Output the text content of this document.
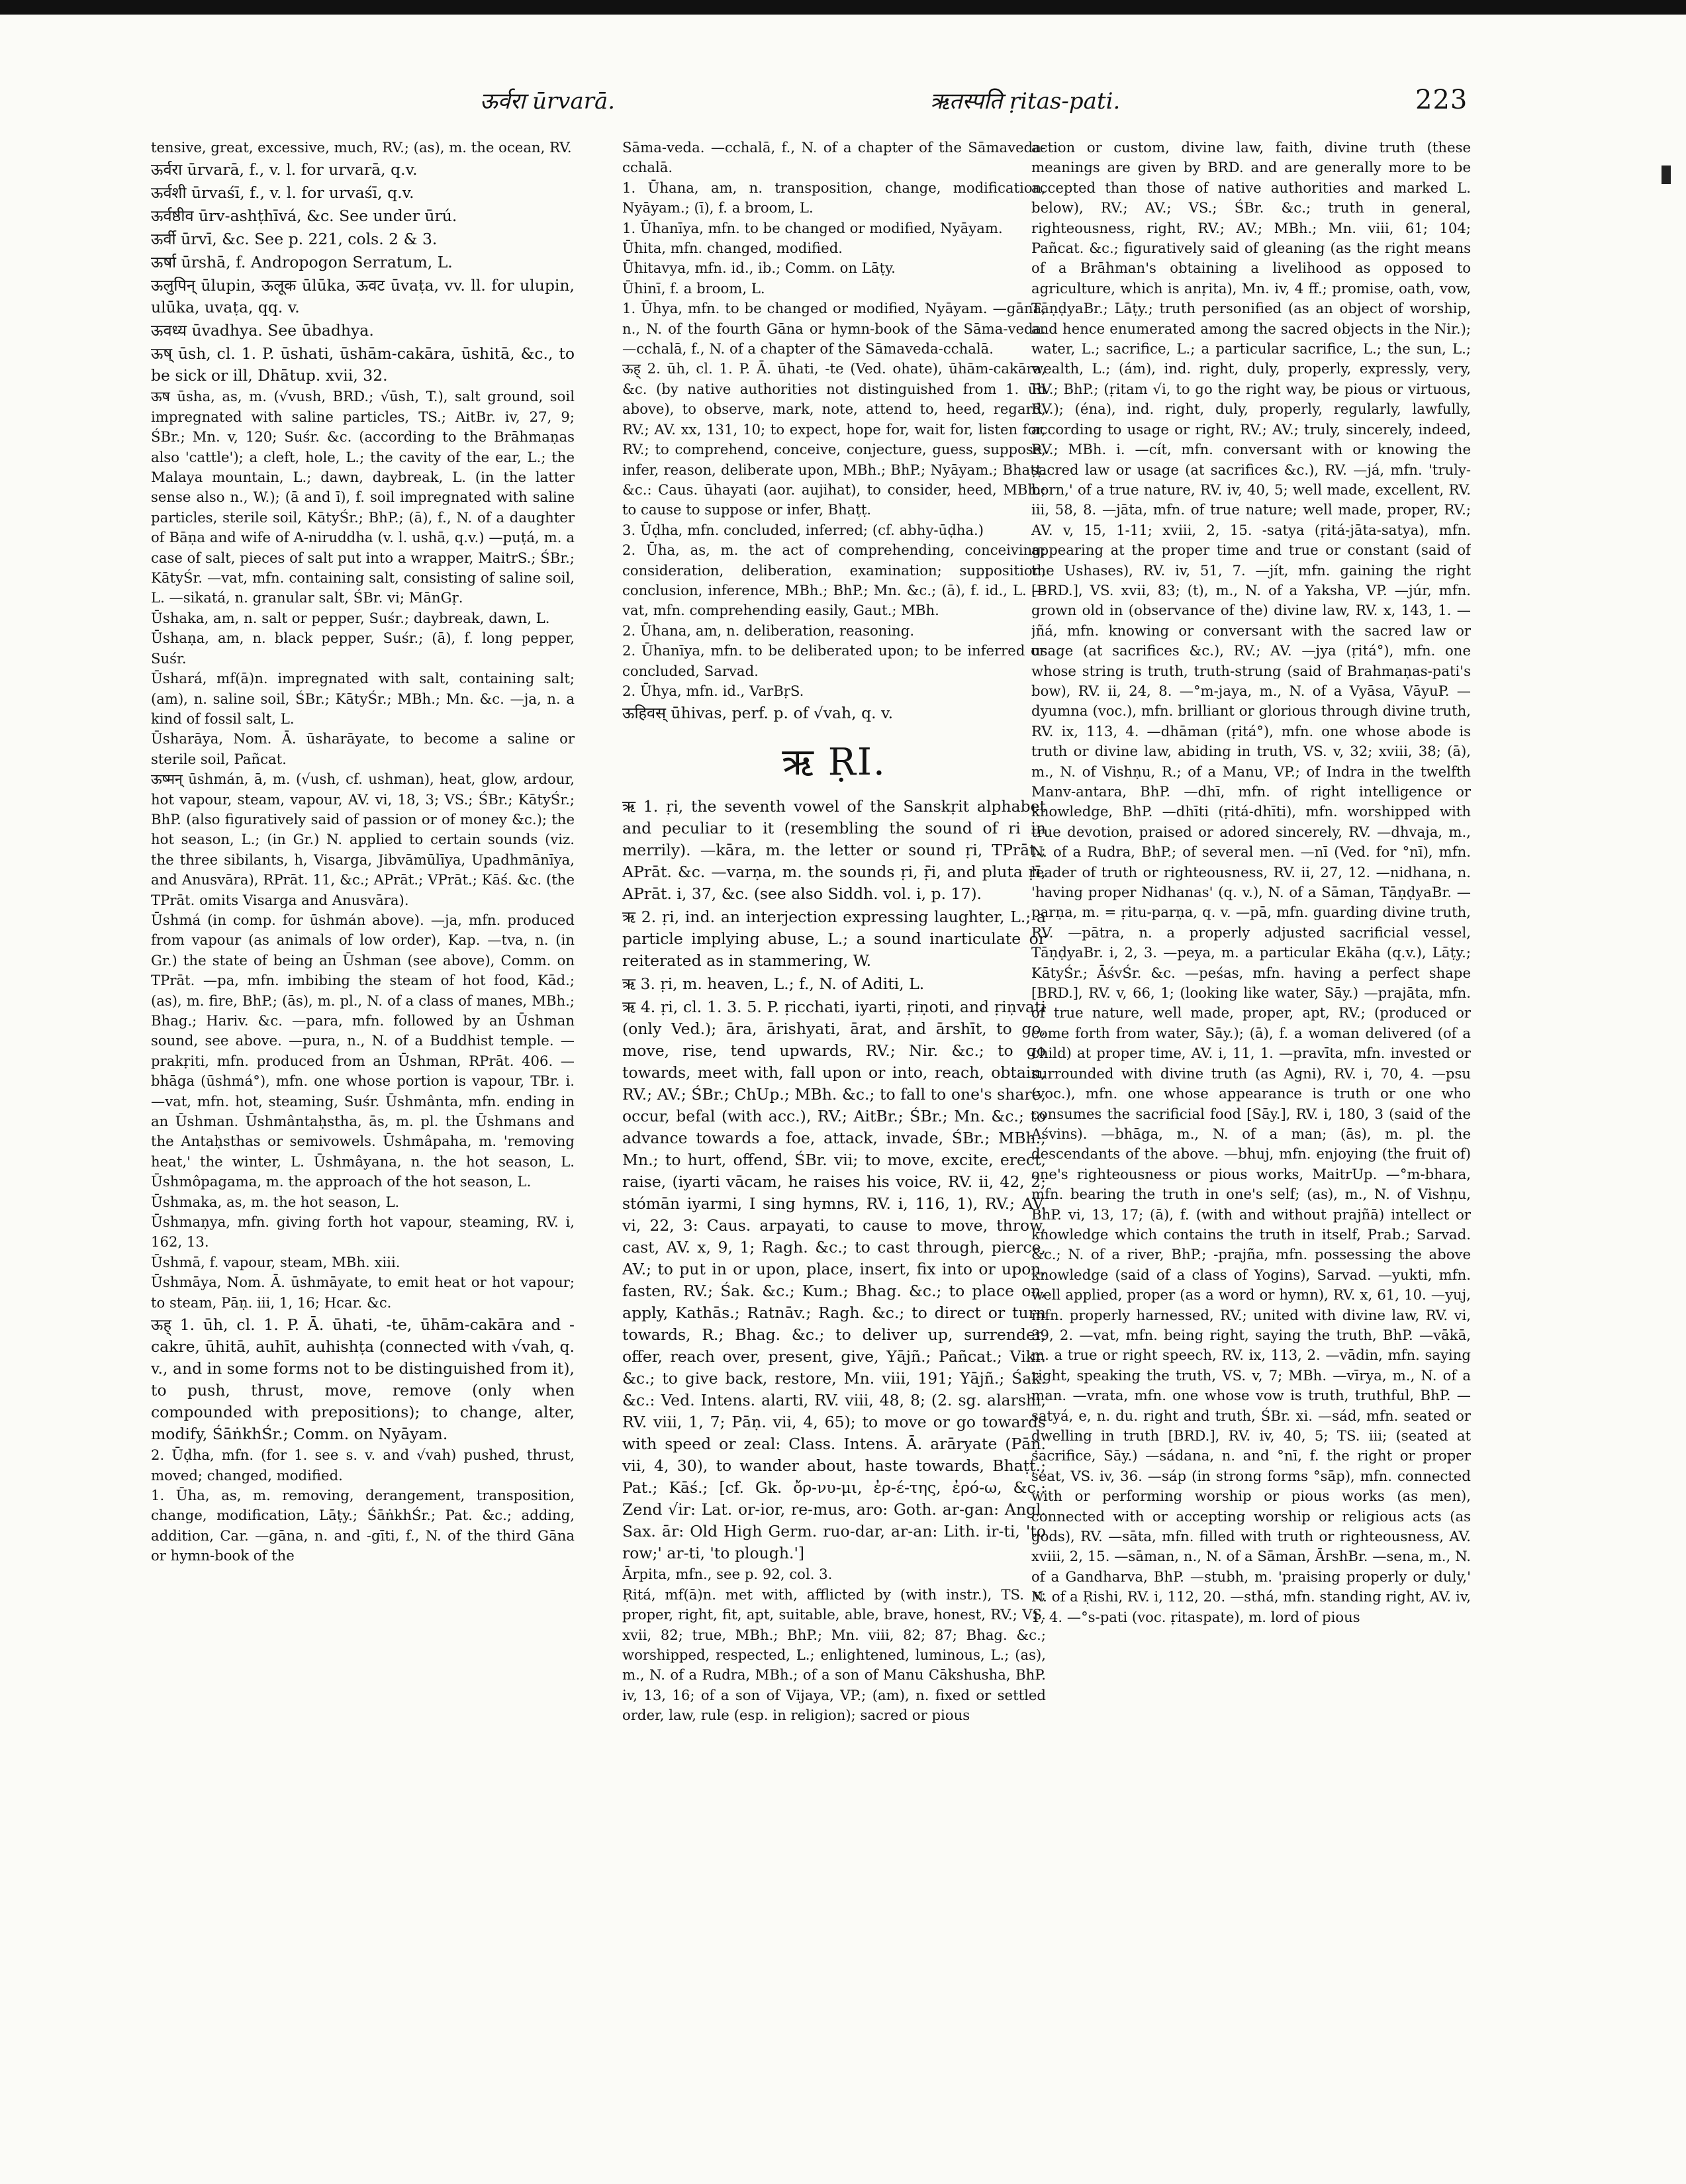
ऊर्वरा ūrvarā.	ऋतस्पति ṛitas-pati.	223

tensive, great, excessive, much, RV.; (as), m. the ocean, RV.

ऊर्वरा ūrvarā, f., v. l. for urvarā, q.v.

ऊर्वशी ūrvaśī, f., v. l. for urvaśī, q.v.

ऊर्वष्ठीव ūrv-ashṭhīvá, &c. See under ūrú.

ऊर्वी ūrvī, &c. See p. 221, cols. 2 & 3.

ऊर्षा ūrshā, f. Andropogon Serratum, L.

ऊलुपिन् ūlupin, ऊलूक ūlūka, ऊवट ūvaṭa, vv. ll. for ulupin, ulūka, uvaṭa, qq. v.

ऊवध्य ūvadhya. See ūbadhya.

ऊष् ūsh, cl. 1. P. ūshati, ūshām-cakāra, ūshitā, &c., to be sick or ill, Dhātup. xvii, 32.

ऊष ūsha, as, m. (√vush, BRD.; √ūsh, T.), salt ground, soil impregnated with saline particles, TS.; AitBr. iv, 27, 9; ŚBr.; Mn. v, 120; Suśr. &c. (according to the Brāhmaṇas also 'cattle'); a cleft, hole, L.; the cavity of the ear, L.; the Malaya mountain, L.; dawn, daybreak, L. (in the latter sense also n., W.); (ā and ī), f. soil impregnated with saline particles, sterile soil, KātyŚr.; BhP.; (ā), f., N. of a daughter of Bāṇa and wife of A-niruddha (v. l. ushā, q.v.) —puṭá, m. a case of salt, pieces of salt put into a wrapper, MaitrS.; ŚBr.; KātyŚr. —vat, mfn. containing salt, consisting of saline soil, L. —sikatá, n. granular salt, ŚBr. vi; MānGṛ.

Ūshaka, am, n. salt or pepper, Suśr.; daybreak, dawn, L.

Ūshaṇa, am, n. black pepper, Suśr.; (ā), f. long pepper, Suśr.

Ūshará, mf(ā)n. impregnated with salt, containing salt; (am), n. saline soil, ŚBr.; KātyŚr.; MBh.; Mn. &c. —ja, n. a kind of fossil salt, L.

Ūsharāya, Nom. Ā. ūsharāyate, to become a saline or sterile soil, Pañcat.

ऊष्मन् ūshmán, ā, m. (√ush, cf. ushman), heat, glow, ardour, hot vapour, steam, vapour, AV. vi, 18, 3; VS.; ŚBr.; KātyŚr.; BhP. (also figuratively said of passion or of money &c.); the hot season, L.; (in Gr.) N. applied to certain sounds (viz. the three sibilants, h, Visarga, Jibvāmūlīya, Upadhmānīya, and Anusvāra), RPrāt. 11, &c.; APrāt.; VPrāt.; Kāś. &c. (the TPrāt. omits Visarga and Anusvāra).

Ūshmá (in comp. for ūshmán above). —ja, mfn. produced from vapour (as animals of low order), Kap. —tva, n. (in Gr.) the state of being an Ūshman (see above), Comm. on TPrāt. —pa, mfn. imbibing the steam of hot food, Kād.; (as), m. fire, BhP.; (ās), m. pl., N. of a class of manes, MBh.; Bhag.; Hariv. &c. —para, mfn. followed by an Ūshman sound, see above. —pura, n., N. of a Buddhist temple. —prakṛiti, mfn. produced from an Ūshman, RPrāt. 406. —bhāga (ūshmá°), mfn. one whose portion is vapour, TBr. i. —vat, mfn. hot, steaming, Suśr. Ūshmânta, mfn. ending in an Ūshman. Ūshmântaḥstha, ās, m. pl. the Ūshmans and the Antaḥsthas or semivowels. Ūshmâpaha, m. 'removing heat,' the winter, L. Ūshmâyana, n. the hot season, L. Ūshmôpagama, m. the approach of the hot season, L.

Ūshmaka, as, m. the hot season, L.

Ūshmaṇya, mfn. giving forth hot vapour, steaming, RV. i, 162, 13.

Ūshmā, f. vapour, steam, MBh. xiii.

Ūshmāya, Nom. Ā. ūshmāyate, to emit heat or hot vapour; to steam, Pāṇ. iii, 1, 16; Hcar. &c.

ऊह् 1. ūh, cl. 1. P. Ā. ūhati, -te, ūhām-cakāra and -cakre, ūhitā, auhīt, auhishṭa (connected with √vah, q. v., and in some forms not to be distinguished from it), to push, thrust, move, remove (only when compounded with prepositions); to change, alter, modify, ŚāṅkhŚr.; Comm. on Nyāyam.

2. Ūḍha, mfn. (for 1. see s. v. and √vah) pushed, thrust, moved; changed, modified.

1. Ūha, as, m. removing, derangement, transposition, change, modification, Lāṭy.; ŚāṅkhŚr.; Pat. &c.; adding, addition, Car. —gāna, n. and -gīti, f., N. of the third Gāna or hymn-book of the

Sāma-veda. —cchalā, f., N. of a chapter of the Sāmaveda-cchalā.

1. Ūhana, am, n. transposition, change, modification, Nyāyam.; (ī), f. a broom, L.

1. Ūhanīya, mfn. to be changed or modified, Nyāyam.

Ūhita, mfn. changed, modified.

Ūhitavya, mfn. id., ib.; Comm. on Lāṭy.

Ūhinī, f. a broom, L.

1. Ūhya, mfn. to be changed or modified, Nyāyam. —gāna, n., N. of the fourth Gāna or hymn-book of the Sāma-veda. —cchalā, f., N. of a chapter of the Sāmaveda-cchalā.

ऊह् 2. ūh, cl. 1. P. Ā. ūhati, -te (Ved. ohate), ūhām-cakāra, &c. (by native authorities not distinguished from 1. ūh above), to observe, mark, note, attend to, heed, regard, RV.; AV. xx, 131, 10; to expect, hope for, wait for, listen for, RV.; to comprehend, conceive, conjecture, guess, suppose, infer, reason, deliberate upon, MBh.; BhP.; Nyāyam.; Bhaṭṭ. &c.: Caus. ūhayati (aor. aujihat), to consider, heed, MBh.; to cause to suppose or infer, Bhaṭṭ.

3. Ūḍha, mfn. concluded, inferred; (cf. abhy-ūḍha.)

2. Ūha, as, m. the act of comprehending, conceiving; consideration, deliberation, examination; supposition, conclusion, inference, MBh.; BhP.; Mn. &c.; (ā), f. id., L. —vat, mfn. comprehending easily, Gaut.; MBh.

2. Ūhana, am, n. deliberation, reasoning.

2. Ūhanīya, mfn. to be deliberated upon; to be inferred or concluded, Sarvad.

2. Ūhya, mfn. id., VarBṛS.

ऊहिवस् ūhivas, perf. p. of √vah, q. v.

ऋ ṚI.

ऋ 1. ṛi, the seventh vowel of the Sanskṛit alphabet and peculiar to it (resembling the sound of ri in merrily). —kāra, m. the letter or sound ṛi, TPrāt.; APrāt. &c. —varṇa, m. the sounds ṛi, ṝi, and pluta ṛī, APrāt. i, 37, &c. (see also Siddh. vol. i, p. 17).

ऋ 2. ṛi, ind. an interjection expressing laughter, L.; a particle implying abuse, L.; a sound inarticulate or reiterated as in stammering, W.

ऋ 3. ṛi, m. heaven, L.; f., N. of Aditi, L.

ऋ 4. ṛi, cl. 1. 3. 5. P. ṛicchati, iyarti, ṛiṇoti, and ṛiṇvati (only Ved.); āra, ārishyati, ārat, and ārshīt, to go, move, rise, tend upwards, RV.; Nir. &c.; to go towards, meet with, fall upon or into, reach, obtain, RV.; AV.; ŚBr.; ChUp.; MBh. &c.; to fall to one's share, occur, befal (with acc.), RV.; AitBr.; ŚBr.; Mn. &c.; to advance towards a foe, attack, invade, ŚBr.; MBh.; Mn.; to hurt, offend, ŚBr. vii; to move, excite, erect, raise, (iyarti vācam, he raises his voice, RV. ii, 42, 2; stómān iyarmi, I sing hymns, RV. i, 116, 1), RV.; AV. vi, 22, 3: Caus. arpayati, to cause to move, throw, cast, AV. x, 9, 1; Ragh. &c.; to cast through, pierce, AV.; to put in or upon, place, insert, fix into or upon, fasten, RV.; Śak. &c.; Kum.; Bhag. &c.; to place on, apply, Kathās.; Ratnāv.; Ragh. &c.; to direct or turn towards, R.; Bhag. &c.; to deliver up, surrender, offer, reach over, present, give, Yājñ.; Pañcat.; Vikr. &c.; to give back, restore, Mn. viii, 191; Yājñ.; Śak. &c.: Ved. Intens. alarti, RV. viii, 48, 8; (2. sg. alarshi, RV. viii, 1, 7; Pāṇ. vii, 4, 65); to move or go towards with speed or zeal: Class. Intens. Ā. arāryate (Pāṇ. vii, 4, 30), to wander about, haste towards, Bhaṭṭ.; Pat.; Kāś.; [cf. Gk. ὄρ-νυ-μι, ἐρ-έ-της, ἐρό-ω, &c.: Zend √ir: Lat. or-ior, re-mus, aro: Goth. ar-gan: Angl. Sax. ār: Old High Germ. ruo-dar, ar-an: Lith. ir-ti, 'to row;' ar-ti, 'to plough.']

Ārpita, mfn., see p. 92, col. 3.

Ṛitá, mf(ā)n. met with, afflicted by (with instr.), TS. v; proper, right, fit, apt, suitable, able, brave, honest, RV.; VS. xvii, 82; true, MBh.; BhP.; Mn. viii, 82; 87; Bhag. &c.; worshipped, respected, L.; enlightened, luminous, L.; (as), m., N. of a Rudra, MBh.; of a son of Manu Cākshusha, BhP. iv, 13, 16; of a son of Vijaya, VP.; (am), n. fixed or settled order, law, rule (esp. in religion); sacred or pious

action or custom, divine law, faith, divine truth (these meanings are given by BRD. and are generally more to be accepted than those of native authorities and marked L. below), RV.; AV.; VS.; ŚBr. &c.; truth in general, righteousness, right, RV.; AV.; MBh.; Mn. viii, 61; 104; Pañcat. &c.; figuratively said of gleaning (as the right means of a Brāhman's obtaining a livelihood as opposed to agriculture, which is anṛita), Mn. iv, 4 ff.; promise, oath, vow, TāṇḍyaBr.; Lāṭy.; truth personified (as an object of worship, and hence enumerated among the sacred objects in the Nir.); water, L.; sacrifice, L.; a particular sacrifice, L.; the sun, L.; wealth, L.; (ám), ind. right, duly, properly, expressly, very, RV.; BhP.; (ṛitam √i, to go the right way, be pious or virtuous, RV.); (éna), ind. right, duly, properly, regularly, lawfully, according to usage or right, RV.; AV.; truly, sincerely, indeed, RV.; MBh. i. —cít, mfn. conversant with or knowing the sacred law or usage (at sacrifices &c.), RV. —já, mfn. 'truly-born,' of a true nature, RV. iv, 40, 5; well made, excellent, RV. iii, 58, 8. —jāta, mfn. of true nature; well made, proper, RV.; AV. v, 15, 1-11; xviii, 2, 15. -satya (ṛitá-jāta-satya), mfn. appearing at the proper time and true or constant (said of the Ushases), RV. iv, 51, 7. —jít, mfn. gaining the right [BRD.], VS. xvii, 83; (t), m., N. of a Yaksha, VP. —júr, mfn. grown old in (observance of the) divine law, RV. x, 143, 1. —jñá, mfn. knowing or conversant with the sacred law or usage (at sacrifices &c.), RV.; AV. —jya (ṛitá°), mfn. one whose string is truth, truth-strung (said of Brahmaṇas-pati's bow), RV. ii, 24, 8. —°m-jaya, m., N. of a Vyāsa, VāyuP. —dyumna (voc.), mfn. brilliant or glorious through divine truth, RV. ix, 113, 4. —dhāman (ṛitá°), mfn. one whose abode is truth or divine law, abiding in truth, VS. v, 32; xviii, 38; (ā), m., N. of Vishṇu, R.; of a Manu, VP.; of Indra in the twelfth Manv-antara, BhP. —dhī, mfn. of right intelligence or knowledge, BhP. —dhīti (ṛitá-dhīti), mfn. worshipped with true devotion, praised or adored sincerely, RV. —dhvaja, m., N. of a Rudra, BhP.; of several men. —nī (Ved. for °nī), mfn. leader of truth or righteousness, RV. ii, 27, 12. —nidhana, n. 'having proper Nidhanas' (q. v.), N. of a Sāman, TāṇḍyaBr. —parṇa, m. = ṛitu-parṇa, q. v. —pā, mfn. guarding divine truth, RV. —pātra, n. a properly adjusted sacrificial vessel, TāṇḍyaBr. i, 2, 3. —peya, m. a particular Ekāha (q.v.), Lāṭy.; KātyŚr.; ĀśvŚr. &c. —peśas, mfn. having a perfect shape [BRD.], RV. v, 66, 1; (looking like water, Sāy.) —prajāta, mfn. of true nature, well made, proper, apt, RV.; (produced or come forth from water, Sāy.); (ā), f. a woman delivered (of a child) at proper time, AV. i, 11, 1. —pravīta, mfn. invested or surrounded with divine truth (as Agni), RV. i, 70, 4. —psu (voc.), mfn. one whose appearance is truth or one who consumes the sacrificial food [Sāy.], RV. i, 180, 3 (said of the Aśvins). —bhāga, m., N. of a man; (ās), m. pl. the descendants of the above. —bhuj, mfn. enjoying (the fruit of) one's righteousness or pious works, MaitrUp. —°m-bhara, mfn. bearing the truth in one's self; (as), m., N. of Vishṇu, BhP. vi, 13, 17; (ā), f. (with and without prajñā) intellect or knowledge which contains the truth in itself, Prab.; Sarvad. &c.; N. of a river, BhP.; -prajña, mfn. possessing the above knowledge (said of a class of Yogins), Sarvad. —yukti, mfn. well applied, proper (as a word or hymn), RV. x, 61, 10. —yuj, mfn. properly harnessed, RV.; united with divine law, RV. vi, 39, 2. —vat, mfn. being right, saying the truth, BhP. —vākā, m. a true or right speech, RV. ix, 113, 2. —vādin, mfn. saying right, speaking the truth, VS. v, 7; MBh. —vīrya, m., N. of a man. —vrata, mfn. one whose vow is truth, truthful, BhP. —satyá, e, n. du. right and truth, ŚBr. xi. —sád, mfn. seated or dwelling in truth [BRD.], RV. iv, 40, 5; TS. iii; (seated at sacrifice, Sāy.) —sádana, n. and °nī, f. the right or proper seat, VS. iv, 36. —sáp (in strong forms °sāp), mfn. connected with or performing worship or pious works (as men), connected with or accepting worship or religious acts (as gods), RV. —sāta, mfn. filled with truth or righteousness, AV. xviii, 2, 15. —sāman, n., N. of a Sāman, ĀrshBr. —sena, m., N. of a Gandharva, BhP. —stubh, m. 'praising properly or duly,' N. of a Ṛishi, RV. i, 112, 20. —sthá, mfn. standing right, AV. iv, 1, 4. —°s-pati (voc. ṛitaspate), m. lord of pious
